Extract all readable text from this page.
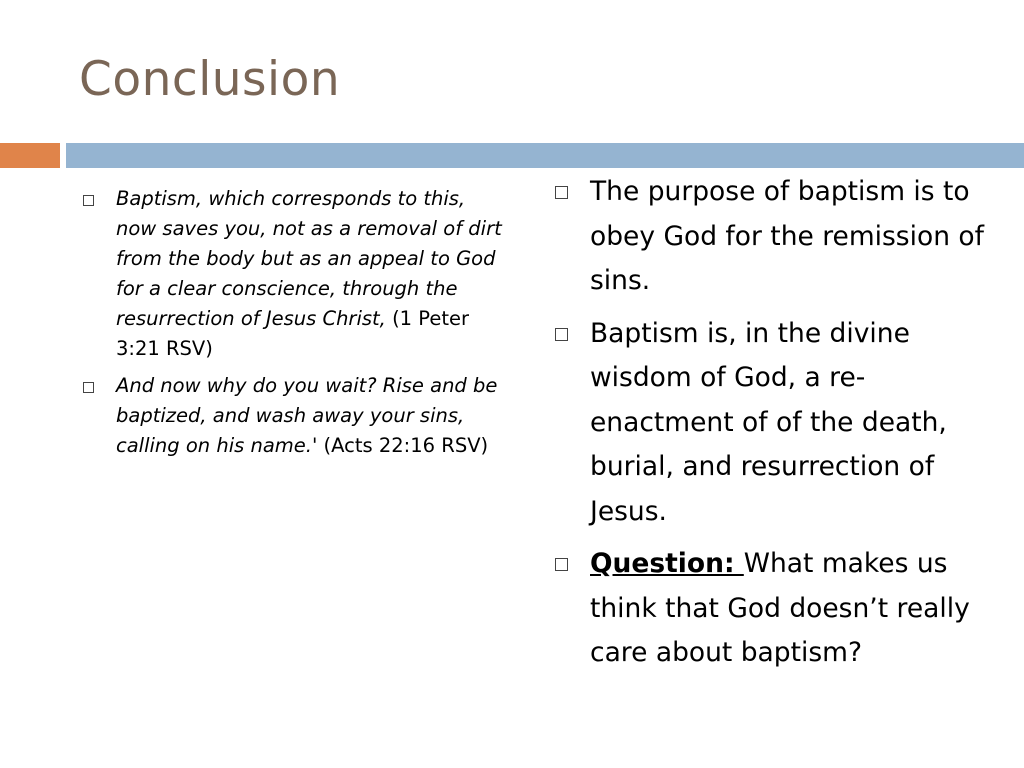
Conclusion
Baptism, which corresponds to this, now saves you, not as a removal of dirt from the body but as an appeal to God for a clear conscience, through the resurrection of Jesus Christ, (1 Peter 3:21 RSV)
And now why do you wait? Rise and be baptized, and wash away your sins, calling on his name.' (Acts 22:16 RSV)
The purpose of baptism is to obey God for the remission of sins.
Baptism is, in the divine wisdom of God, a re-enactment of of the death, burial, and resurrection of Jesus.
Question: What makes us think that God doesn’t really care about baptism?
